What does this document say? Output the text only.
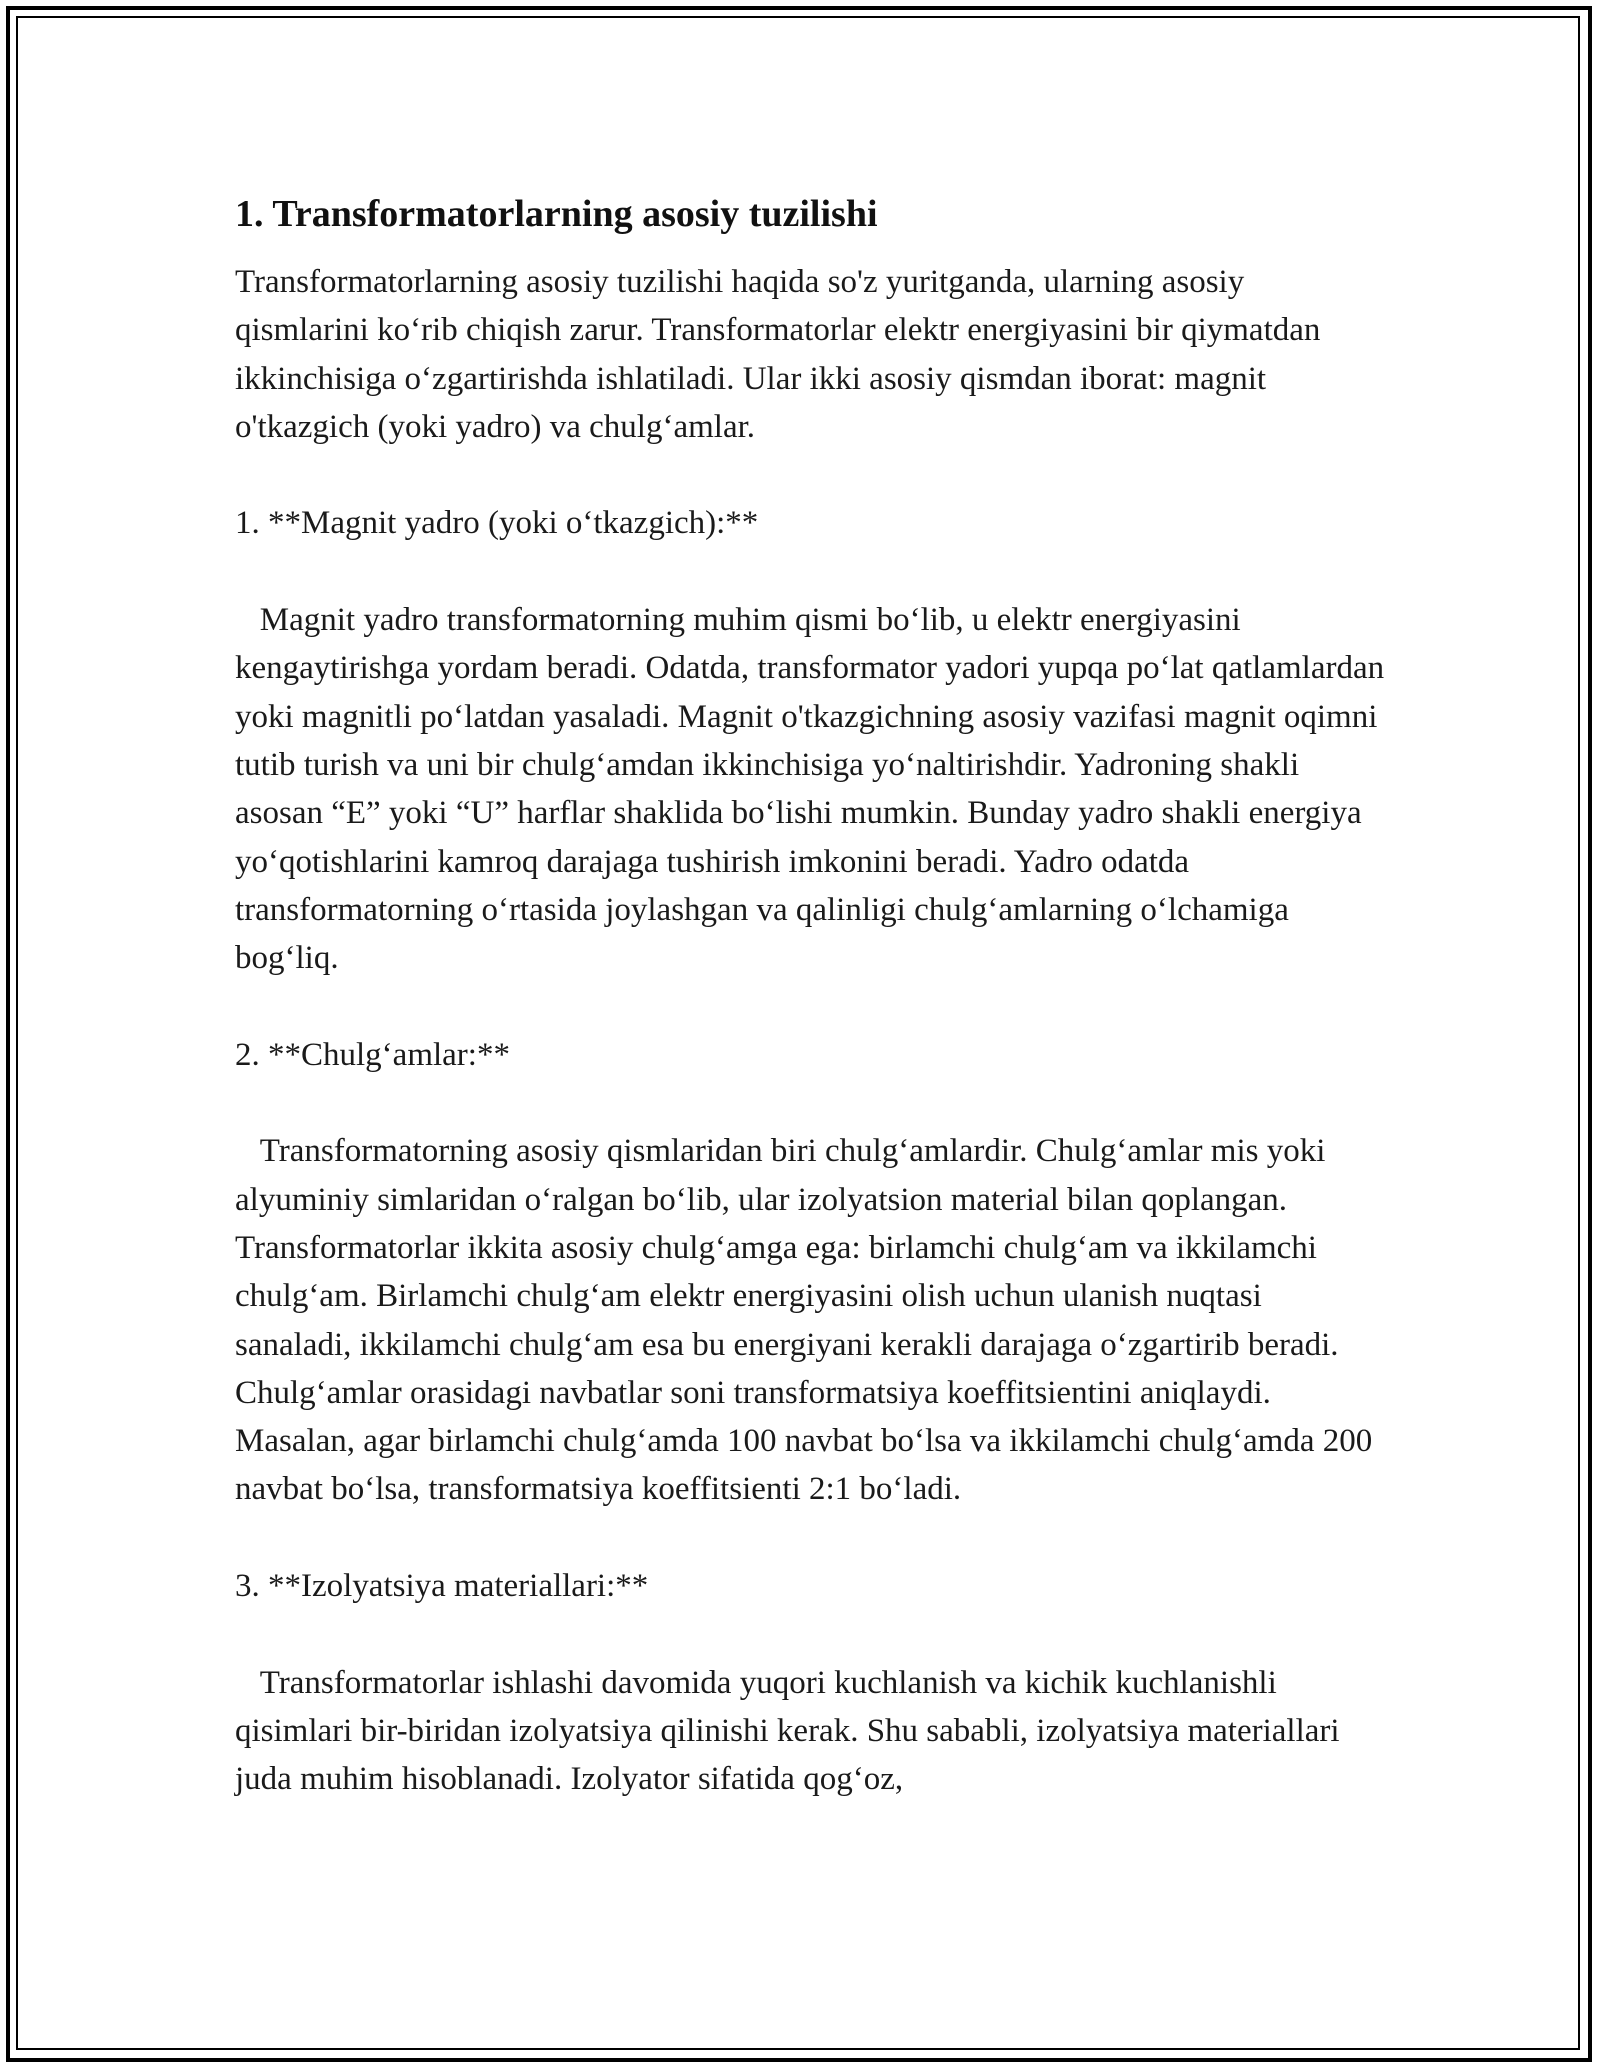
1. Transformatorlarning asosiy tuzilishi

Transformatorlarning asosiy tuzilishi haqida so'z yuritganda, ularning asosiy qismlarini ko‘rib chiqish zarur. Transformatorlar elektr energiyasini bir qiymatdan ikkinchisiga o‘zgartirishda ishlatiladi. Ular ikki asosiy qismdan iborat: magnit o'tkazgich (yoki yadro) va chulg‘amlar.

1. **Magnit yadro (yoki o‘tkazgich):**

Magnit yadro transformatorning muhim qismi bo‘lib, u elektr energiyasini kengaytirishga yordam beradi. Odatda, transformator yadori yupqa po‘lat qatlamlardan yoki magnitli po‘latdan yasaladi. Magnit o'tkazgichning asosiy vazifasi magnit oqimni tutib turish va uni bir chulg‘amdan ikkinchisiga yo‘naltirishdir. Yadroning shakli asosan “E” yoki “U” harflar shaklida bo‘lishi mumkin. Bunday yadro shakli energiya yo‘qotishlarini kamroq darajaga tushirish imkonini beradi. Yadro odatda transformatorning o‘rtasida joylashgan va qalinligi chulg‘amlarning o‘lchamiga bog‘liq.

2. **Chulg‘amlar:**

Transformatorning asosiy qismlaridan biri chulg‘amlardir. Chulg‘amlar mis yoki alyuminiy simlaridan o‘ralgan bo‘lib, ular izolyatsion material bilan qoplangan. Transformatorlar ikkita asosiy chulg‘amga ega: birlamchi chulg‘am va ikkilamchi chulg‘am. Birlamchi chulg‘am elektr energiyasini olish uchun ulanish nuqtasi sanaladi, ikkilamchi chulg‘am esa bu energiyani kerakli darajaga o‘zgartirib beradi. Chulg‘amlar orasidagi navbatlar soni transformatsiya koeffitsientini aniqlaydi. Masalan, agar birlamchi chulg‘amda 100 navbat bo‘lsa va ikkilamchi chulg‘amda 200 navbat bo‘lsa, transformatsiya koeffitsienti 2:1 bo‘ladi.

3. **Izolyatsiya materiallari:**

Transformatorlar ishlashi davomida yuqori kuchlanish va kichik kuchlanishli qisimlari bir-biridan izolyatsiya qilinishi kerak. Shu sababli, izolyatsiya materiallari juda muhim hisoblanadi. Izolyator sifatida qog‘oz,
